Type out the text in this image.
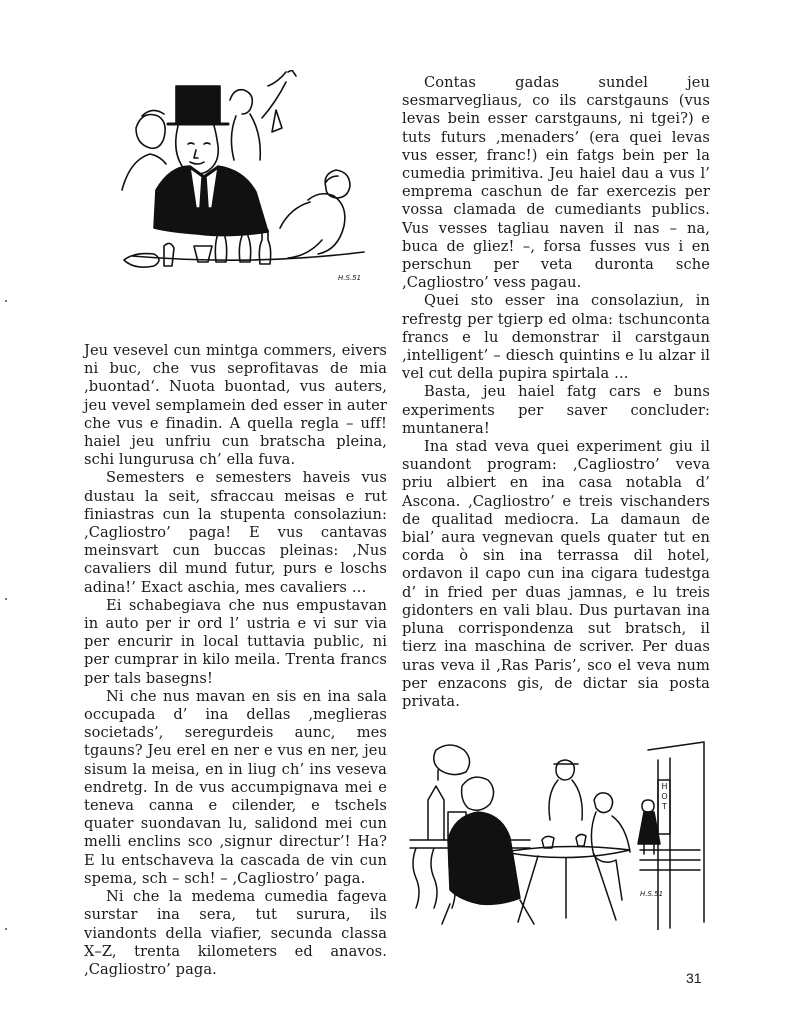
H.S.51

Jeu vesevel cun mintga commers, eivers ni buc, che vus seprofitavas de mia ‚buontad‘. Nuota buontad, vus auters, jeu vevel semplamein ded esser in auter che vus e finadin. A quella regla – uff! haiel jeu unfriu cun bratscha pleina, schi lungurusa ch’ ella fuva.

Semesters e semesters haveis vus dustau la seit, sfraccau meisas e rut finiastras cun la stupenta consolaziun: ‚Cagliostro’ paga! E vus cantavas meinsvart cun buccas pleinas: ‚Nus cavaliers dil mund futur, purs e loschs adina!’ Exact aschia, mes cavaliers …

Ei schabegiava che nus empustavan in auto per ir ord l’ ustria e vi sur via per encurir in local tuttavia public, ni per cumprar in kilo meila. Trenta francs per tals basegns!

Ni che nus mavan en sis en ina sala occupada d’ ina dellas ‚meglieras societads’, seregurdeis aunc, mes tgauns? Jeu erel en ner e vus en ner, jeu sisum la meisa, en in liug ch’ ins veseva endretg. In de vus accumpignava mei e teneva canna e cilender, e tschels quater suondavan lu, salidond mei cun melli enclins sco ‚signur directur’! Ha? E lu entschaveva la cascada de vin cun spema, sch – sch! – ‚Cagliostro’ paga.

Ni che la medema cumedia fageva surstar ina sera, tut surura, ils viandonts della viafier, secunda classa X–Z, trenta kilometers ed anavos. ‚Cagliostro’ paga.

Contas gadas sundel jeu sesmarvegliaus, co ils carstgauns (vus levas bein esser carstgauns, ni tgei?) e tuts futurs ‚menaders’ (era quei levas vus esser, franc!) ein fatgs bein per la cumedia primitiva. Jeu haiel dau a vus l’ emprema caschun de far exercezis per vossa clamada de cumediants publics. Vus vesses tagliau naven il nas – na, buca de gliez! –, forsa fusses vus i en perschun per veta duronta sche ‚Cagliostro’ vess pagau.

Quei sto esser ina consolaziun, in refrestg per tgierp ed olma: tschunconta francs e lu demonstrar il carstgaun ‚intelligent’ – diesch quintins e lu alzar il vel cut della pupira spirtala …

Basta, jeu haiel fatg cars e buns experiments per saver concluder: muntanera!

Ina stad veva quei experiment giu il suandont program: ‚Cagliostro’ veva priu albiert en ina casa notabla d’ Ascona. ‚Cagliostro’ e treis vischanders de qualitad mediocra. La damaun de bial’ aura vegnevan quels quater tut en corda ò sin ina terrassa dil hotel, ordavon il capo cun ina cigara tudestga d’ in fried per duas jamnas, e lu treis gidonters en vali blau. Dus purtavan ina pluna corrispondenza sut bratsch, il tierz ina maschina de scriver. Per duas uras veva il ‚Ras Paris’, sco el veva num per enzacons gis, de dictar sia posta privata.

HOT
H.S.51
31
